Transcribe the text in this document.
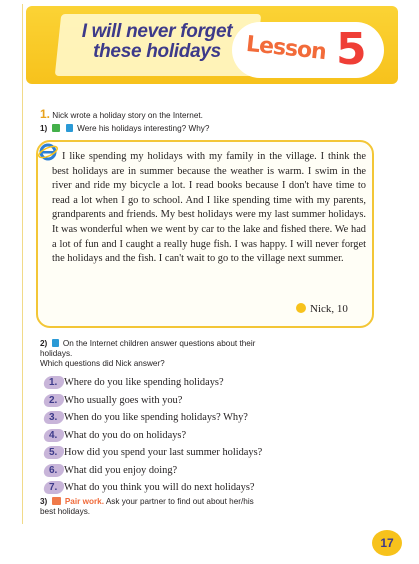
I will never forget
these holidays	Lesson 5
1. Nick wrote a holiday story on the Internet.
1)	Were his holidays interesting? Why?
I like spending my holidays with my family in the village. I think the best holidays are in summer because the weather is warm. I swim in the river and ride my bicycle a lot. I read books because I don't have time to read a lot when I go to school. And I like spending time with my parents, grandparents and friends. My best holidays were my last summer holidays. It was wonderful when we went by car to the lake and fished there. We had a lot of fun and I caught a really huge fish. I was happy. I will never forget the holidays and the fish. I can't wait to go to the village next summer.
Nick, 10
2) On the Internet children answer questions about their
holidays.
Which questions did Nick answer?
1. Where do you like spending holidays?
2. Who usually goes with you?
3. When do you like spending holidays? Why?
4. What do you do on holidays?
5. How did you spend your last summer holidays?
6. What did you enjoy doing?
7. What do you think you will do next holidays?
3) Pair work. Ask your partner to find out about her/his
best holidays.
17
